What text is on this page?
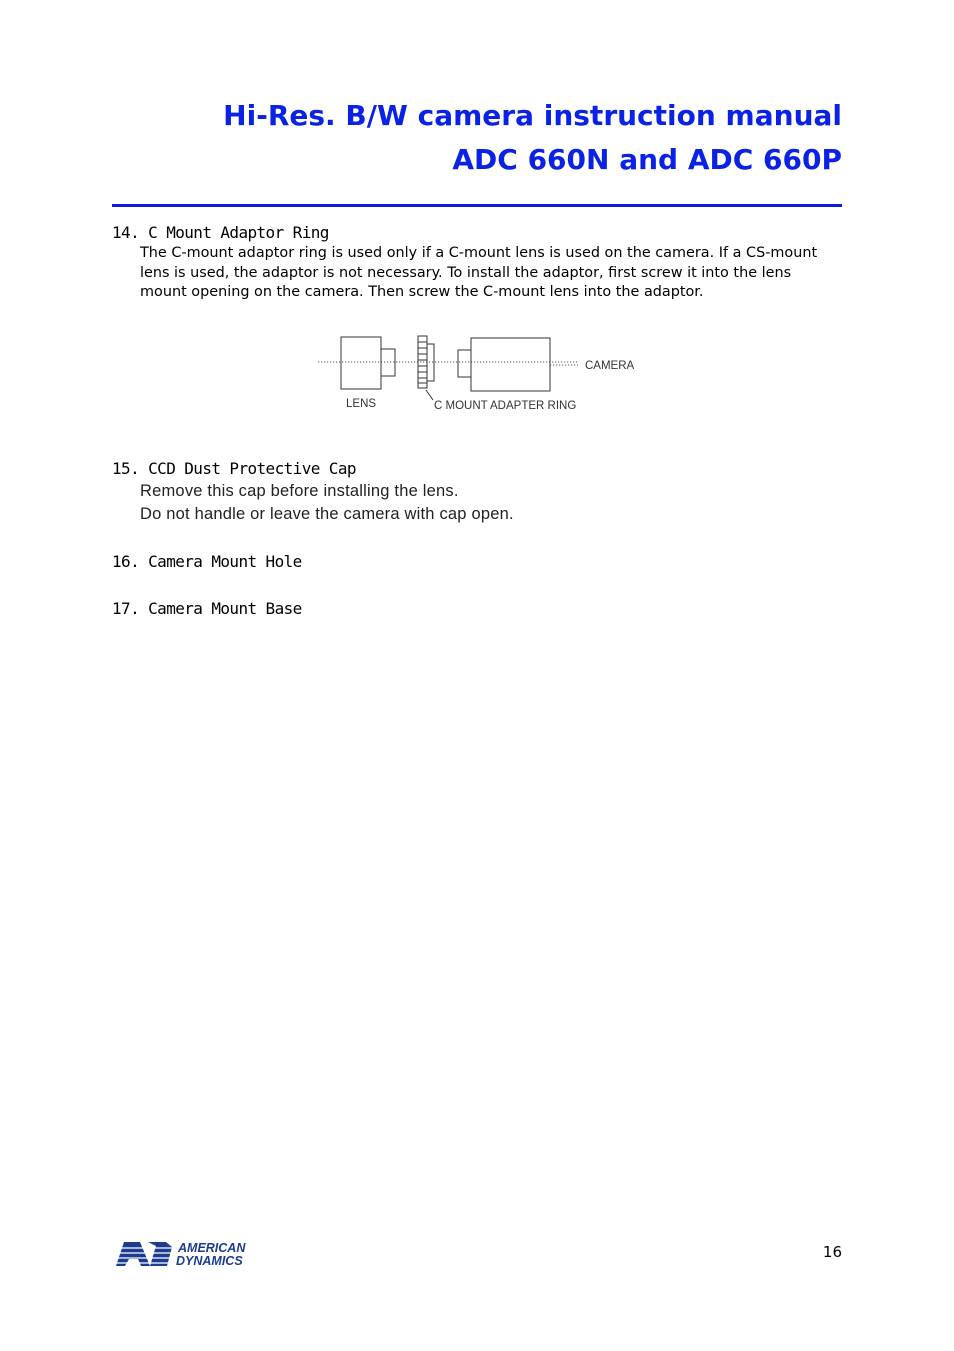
Hi-Res. B/W camera instruction manual
ADC 660N and ADC 660P
14. C Mount Adaptor Ring
The C-mount adaptor ring is used only if a C-mount lens is used on the camera. If a CS-mount lens is used, the adaptor is not necessary. To install the adaptor, first screw it into the lens mount opening on the camera. Then screw the C-mount lens into the adaptor.
CAMERA
LENS	C MOUNT ADAPTER RING
15. CCD Dust Protective Cap
Remove this cap before installing the lens.
Do not handle or leave the camera with cap open.
16. Camera Mount Hole
17. Camera Mount Base
AMERICAN
DYNAMICS	16
